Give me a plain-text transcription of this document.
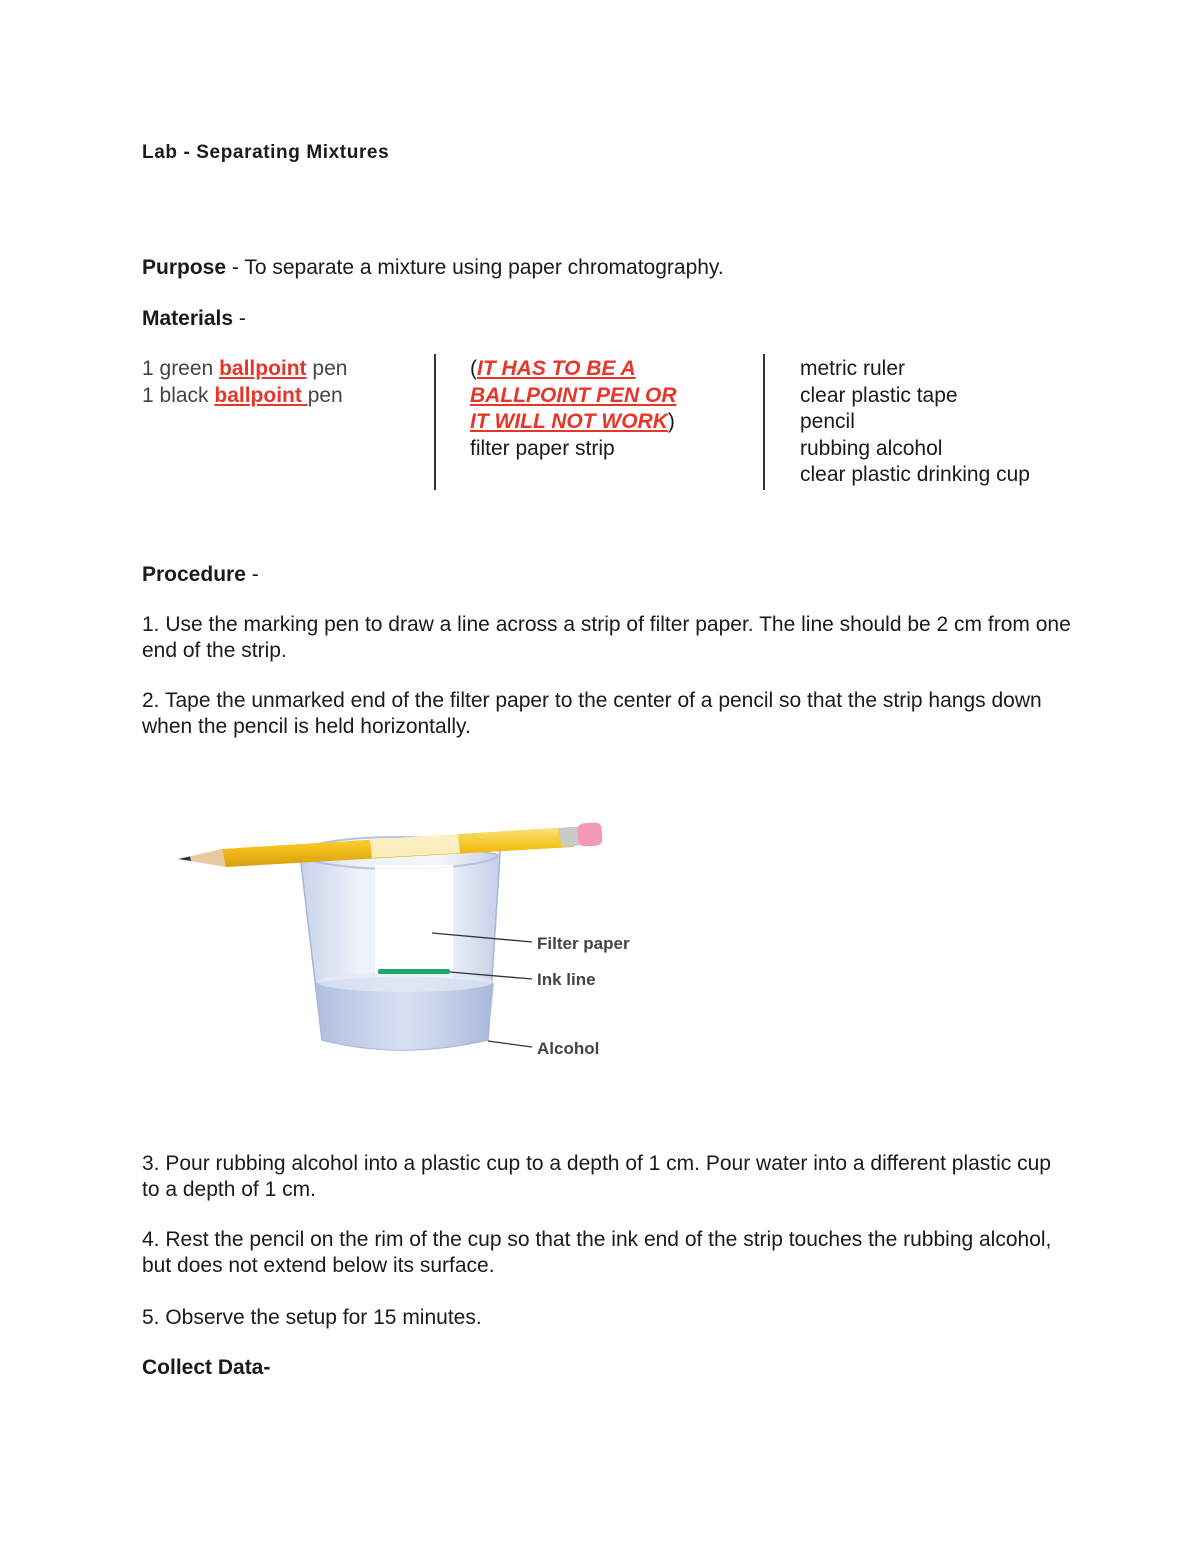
Lab - Separating Mixtures
Purpose - To separate a mixture using paper chromatography.
Materials -
1 green ballpoint pen
1 black ballpoint pen
(IT HAS TO BE A
BALLPOINT PEN OR
IT WILL NOT WORK)
filter paper strip
metric ruler
clear plastic tape
pencil
rubbing alcohol
clear plastic drinking cup
Procedure -
1. Use the marking pen to draw a line across a strip of filter paper. The line should be 2 cm from one end of the strip.
2. Tape the unmarked end of the filter paper to the center of a pencil so that the strip hangs down when the pencil is held horizontally.
Filter paper
Ink line
Alcohol
3. Pour rubbing alcohol into a plastic cup to a depth of 1 cm. Pour water into a different plastic cup to a depth of 1 cm.
4. Rest the pencil on the rim of the cup so that the ink end of the strip touches the rubbing alcohol, but does not extend below its surface.
5. Observe the setup for 15 minutes.
Collect Data-
